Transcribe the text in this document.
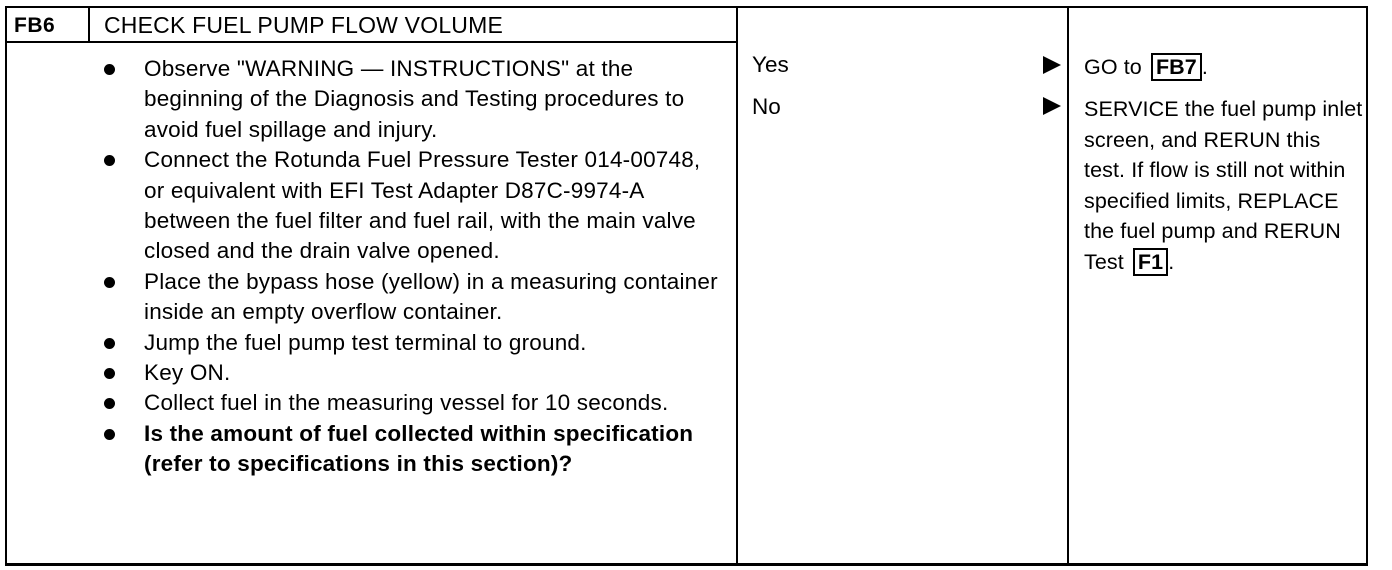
FB6 CHECK FUEL PUMP FLOW VOLUME
Observe "WARNING — INSTRUCTIONS" at the beginning of the Diagnosis and Testing procedures to avoid fuel spillage and injury.
Connect the Rotunda Fuel Pressure Tester 014-00748, or equivalent with EFI Test Adapter D87C-9974-A between the fuel filter and fuel rail, with the main valve closed and the drain valve opened.
Place the bypass hose (yellow) in a measuring container inside an empty overflow container.
Jump the fuel pump test terminal to ground.
Key ON.
Collect fuel in the measuring vessel for 10 seconds.
Is the amount of fuel collected within specification (refer to specifications in this section)?
Yes
No
GO to FB7 .
SERVICE the fuel pump inlet screen, and RERUN this test. If flow is still not within specified limits, REPLACE the fuel pump and RERUN Test F1 .
